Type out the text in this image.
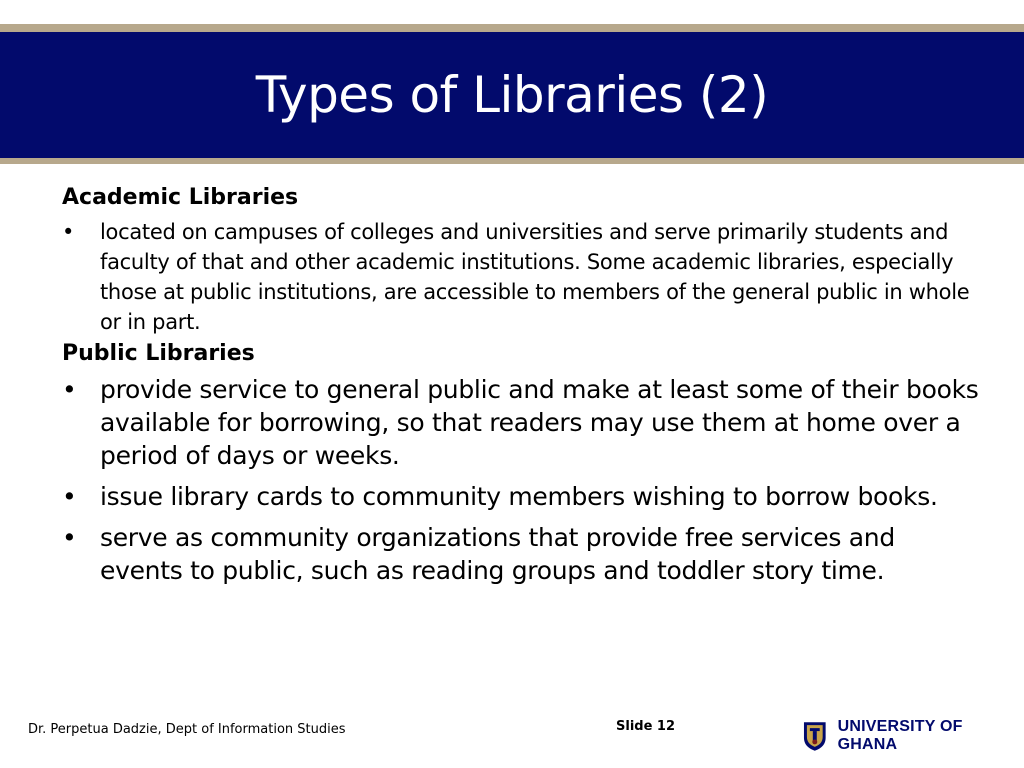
Types of Libraries (2)

Academic Libraries

• located on campuses of colleges and universities and serve primarily students and faculty of that and other academic institutions. Some academic libraries, especially those at public institutions, are accessible to members of the general public in whole or in part.

Public Libraries

• provide service to general public and make at least some of their books available for borrowing, so that readers may use them at home over a period of days or weeks.
• issue library cards to community members wishing to borrow books.
• serve as community organizations that provide free services and events to public, such as reading groups and toddler story time.
Dr. Perpetua Dadzie, Dept of Information Studies	Slide 12	UNIVERSITY OF GHANA
